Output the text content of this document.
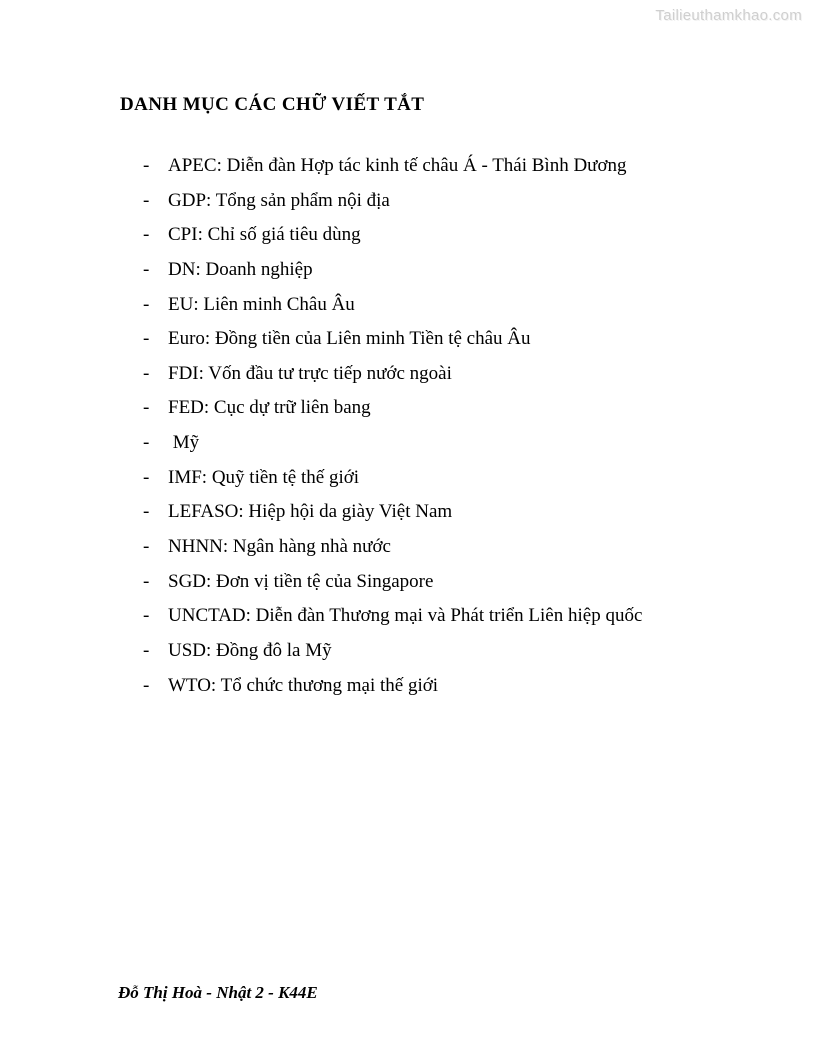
Tailieuthamkhao.com
DANH MỤC CÁC CHỮ VIẾT TẮT
- APEC: Diễn đàn Hợp tác kinh tế châu Á - Thái Bình Dương
- GDP: Tổng sản phẩm nội địa
- CPI: Chỉ số giá tiêu dùng
- DN: Doanh nghiệp
- EU: Liên minh Châu Âu
- Euro: Đồng tiền của Liên minh Tiền tệ châu Âu
- FDI: Vốn đầu tư trực tiếp nước ngoài
- FED: Cục dự trữ liên bang
- Mỹ
- IMF: Quỹ tiền tệ thế giới
- LEFASO: Hiệp hội da giày Việt Nam
- NHNN: Ngân hàng nhà nước
- SGD: Đơn vị tiền tệ của Singapore
- UNCTAD: Diễn đàn Thương mại và Phát triển Liên hiệp quốc
- USD: Đồng đô la Mỹ
- WTO: Tổ chức thương mại thế giới
Đỗ Thị Hoà - Nhật 2 - K44E
